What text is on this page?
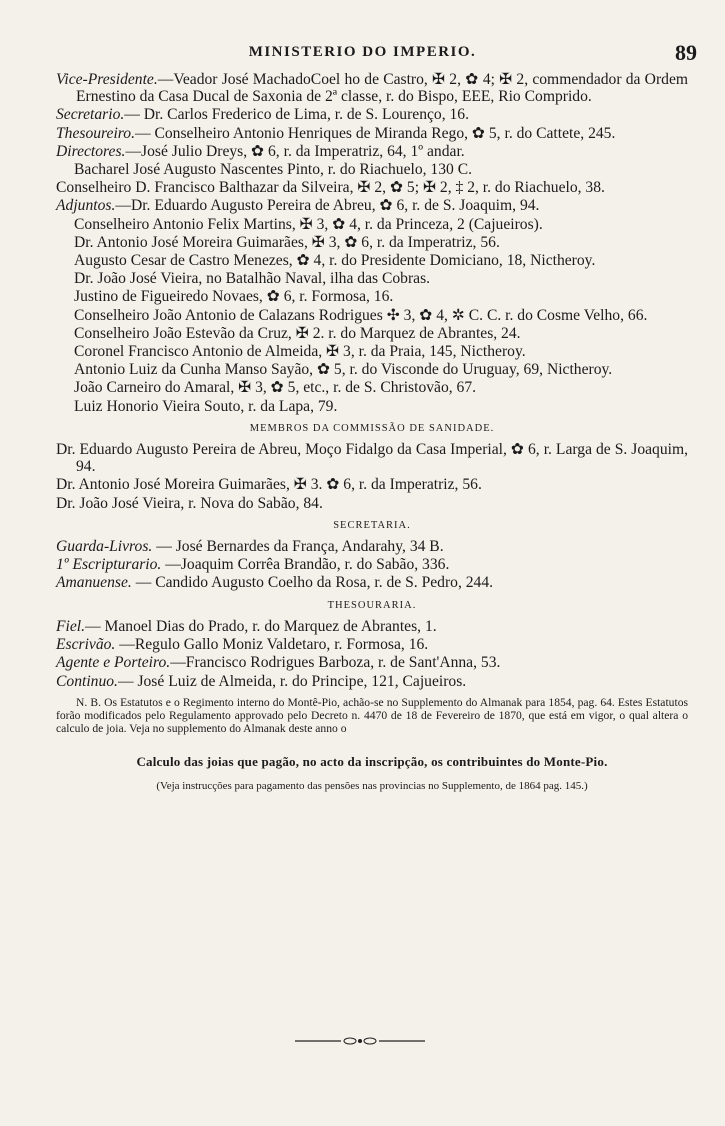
MINISTERIO DO IMPERIO.	89
Vice-Presidente.—Veador José MachadoCoel ho de Castro, ✠ 2, ✿ 4; ✠ 2, commendador da Ordem Ernestino da Casa Ducal de Saxonia de 2ª classe, r. do Bispo, EEE, Rio Comprido.
Secretario.— Dr. Carlos Frederico de Lima, r. de S. Lourenço, 16.
Thesoureiro.— Conselheiro Antonio Henriques de Miranda Rego, ✿ 5, r. do Cattete, 245.
Directores.—José Julio Dreys, ✿ 6, r. da Imperatriz, 64, 1º andar.
Bacharel José Augusto Nascentes Pinto, r. do Riachuelo, 130 C.
Conselheiro D. Francisco Balthazar da Silveira, ✠ 2, ✿ 5; ✠ 2, ‡ 2, r. do Riachuelo, 38.
Adjuntos.—Dr. Eduardo Augusto Pereira de Abreu, ✿ 6, r. de S. Joaquim, 94.
Conselheiro Antonio Felix Martins, ✠ 3, ✿ 4, r. da Princeza, 2 (Cajueiros).
Dr. Antonio José Moreira Guimarães, ✠ 3, ✿ 6, r. da Imperatriz, 56.
Augusto Cesar de Castro Menezes, ✿ 4, r. do Presidente Domiciano, 18, Nictheroy.
Dr. João José Vieira, no Batalhão Naval, ilha das Cobras.
Justino de Figueiredo Novaes, ✿ 6, r. Formosa, 16.
Conselheiro João Antonio de Calazans Rodrigues ✣ 3, ✿ 4, ✲ C. C. r. do Cosme Velho, 66.
Conselheiro João Estevão da Cruz, ✠ 2. r. do Marquez de Abrantes, 24.
Coronel Francisco Antonio de Almeida, ✠ 3, r. da Praia, 145, Nictheroy.
Antonio Luiz da Cunha Manso Sayão, ✿ 5, r. do Visconde do Uruguay, 69, Nictheroy.
João Carneiro do Amaral, ✠ 3, ✿ 5, etc., r. de S. Christovão, 67.
Luiz Honorio Vieira Souto, r. da Lapa, 79.
MEMBROS DA COMMISSÃO DE SANIDADE.
Dr. Eduardo Augusto Pereira de Abreu, Moço Fidalgo da Casa Imperial, ✿ 6, r. Larga de S. Joaquim, 94.
Dr. Antonio José Moreira Guimarães, ✠ 3. ✿ 6, r. da Imperatriz, 56.
Dr. João José Vieira, r. Nova do Sabão, 84.
SECRETARIA.
Guarda-Livros. — José Bernardes da França, Andarahy, 34 B.
1º Escripturario. —Joaquim Corrêa Brandão, r. do Sabão, 336.
Amanuense. — Candido Augusto Coelho da Rosa, r. de S. Pedro, 244.
THESOURARIA.
Fiel.— Manoel Dias do Prado, r. do Marquez de Abrantes, 1.
Escrivão. —Regulo Gallo Moniz Valdetaro, r. Formosa, 16.
Agente e Porteiro.—Francisco Rodrigues Barboza, r. de Sant'Anna, 53.
Continuo.— José Luiz de Almeida, r. do Principe, 121, Cajueiros.
N. B. Os Estatutos e o Regimento interno do Montê-Pio, achão-se no Supplemento do Almanak para 1854, pag. 64. Estes Estatutos forão modificados pelo Regulamento approvado pelo Decreto n. 4470 de 18 de Fevereiro de 1870, que está em vigor, o qual altera o calculo de joia. Veja no supplemento do Almanak deste anno o
Calculo das joias que pagão, no acto da inscripção, os contribuintes do Monte-Pio.
(Veja instrucções para pagamento das pensões nas provincias no Supplemento, de 1864 pag. 145.)
